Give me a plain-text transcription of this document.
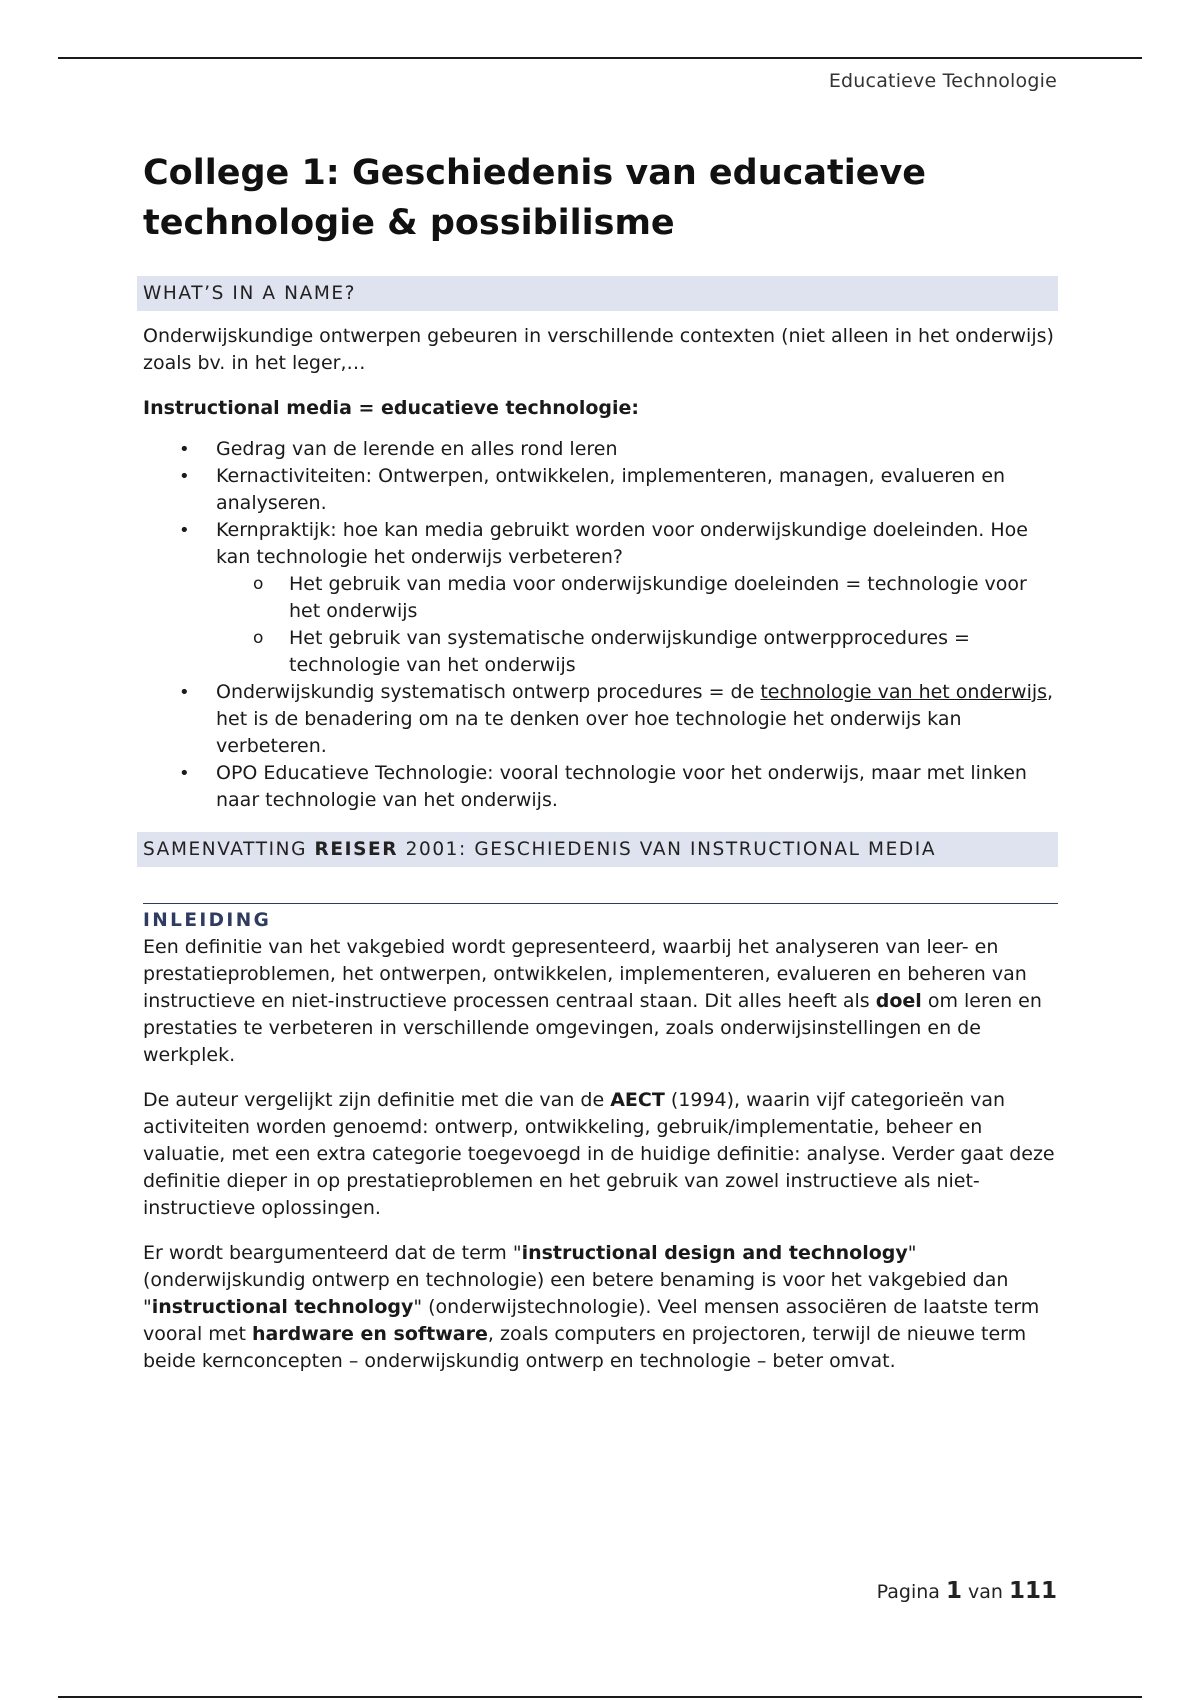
Educatieve Technologie
College 1: Geschiedenis van educatieve technologie & possibilisme
WHAT’S IN A NAME?

Onderwijskundige ontwerpen gebeuren in verschillende contexten (niet alleen in het onderwijs) zoals bv. in het leger,…

Instructional media = educatieve technologie:

• Gedrag van de lerende en alles rond leren
• Kernactiviteiten: Ontwerpen, ontwikkelen, implementeren, managen, evalueren en analyseren.
• Kernpraktijk: hoe kan media gebruikt worden voor onderwijskundige doeleinden. Hoe kan technologie het onderwijs verbeteren?
o Het gebruik van media voor onderwijskundige doeleinden = technologie voor het onderwijs
o Het gebruik van systematische onderwijskundige ontwerpprocedures = technologie van het onderwijs
• Onderwijskundig systematisch ontwerp procedures = de technologie van het onderwijs, het is de benadering om na te denken over hoe technologie het onderwijs kan verbeteren.
• OPO Educatieve Technologie: vooral technologie voor het onderwijs, maar met linken naar technologie van het onderwijs.
SAMENVATTING REISER 2001: GESCHIEDENIS VAN INSTRUCTIONAL MEDIA
INLEIDING

Een definitie van het vakgebied wordt gepresenteerd, waarbij het analyseren van leer- en prestatieproblemen, het ontwerpen, ontwikkelen, implementeren, evalueren en beheren van instructieve en niet-instructieve processen centraal staan. Dit alles heeft als doel om leren en prestaties te verbeteren in verschillende omgevingen, zoals onderwijsinstellingen en de werkplek.

De auteur vergelijkt zijn definitie met die van de AECT (1994), waarin vijf categorieën van activiteiten worden genoemd: ontwerp, ontwikkeling, gebruik/implementatie, beheer en valuatie, met een extra categorie toegevoegd in de huidige definitie: analyse. Verder gaat deze definitie dieper in op prestatieproblemen en het gebruik van zowel instructieve als niet-instructieve oplossingen.

Er wordt beargumenteerd dat de term "instructional design and technology" (onderwijskundig ontwerp en technologie) een betere benaming is voor het vakgebied dan "instructional technology" (onderwijstechnologie). Veel mensen associëren de laatste term vooral met hardware en software, zoals computers en projectoren, terwijl de nieuwe term beide kernconcepten – onderwijskundig ontwerp en technologie – beter omvat.

Pagina 1 van 111
